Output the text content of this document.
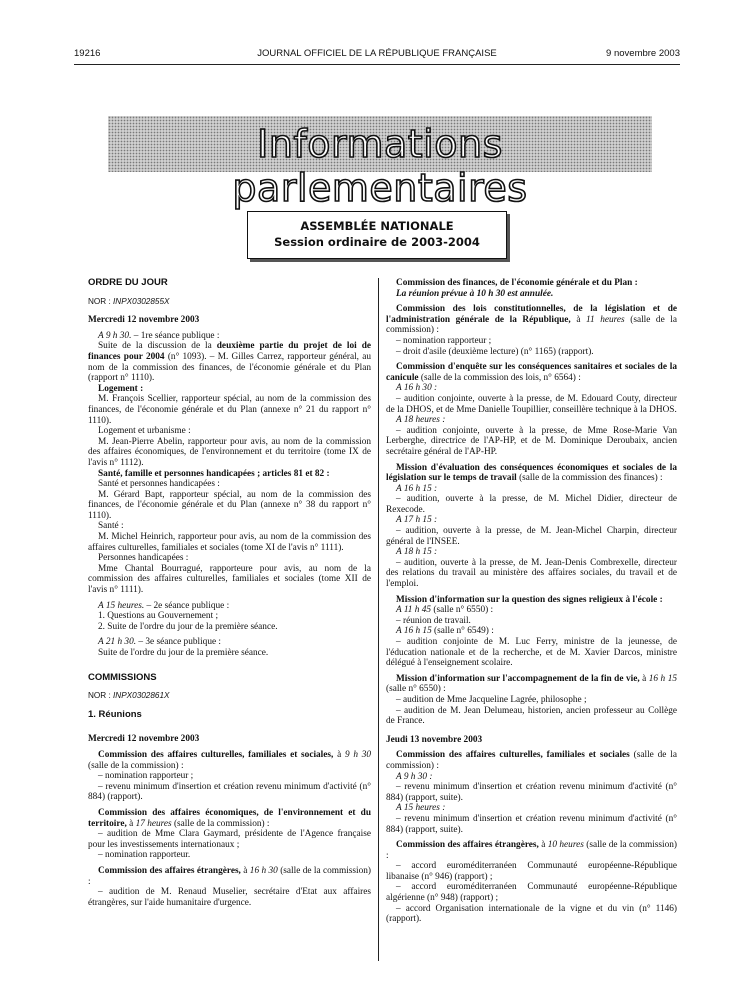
19216	JOURNAL OFFICIEL DE LA RÉPUBLIQUE FRANÇAISE	9 novembre 2003
Informations parlementaires
ASSEMBLÉE NATIONALE
Session ordinaire de 2003-2004

ORDRE DU JOUR

NOR : INPX0302855X

Mercredi 12 novembre 2003

A 9 h 30. – 1re séance publique :

Suite de la discussion de la deuxième partie du projet de loi de finances pour 2004 (n° 1093). – M. Gilles Carrez, rapporteur général, au nom de la commission des finances, de l'économie générale et du Plan (rapport n° 1110).

Logement :

M. François Scellier, rapporteur spécial, au nom de la commission des finances, de l'économie générale et du Plan (annexe n° 21 du rapport n° 1110).

Logement et urbanisme :

M. Jean-Pierre Abelin, rapporteur pour avis, au nom de la commission des affaires économiques, de l'environnement et du territoire (tome IX de l'avis n° 1112).

Santé, famille et personnes handicapées ; articles 81 et 82 :

Santé et personnes handicapées :

M. Gérard Bapt, rapporteur spécial, au nom de la commission des finances, de l'économie générale et du Plan (annexe n° 38 du rapport n° 1110).

Santé :

M. Michel Heinrich, rapporteur pour avis, au nom de la commission des affaires culturelles, familiales et sociales (tome XI de l'avis n° 1111).

Personnes handicapées :

Mme Chantal Bourragué, rapporteure pour avis, au nom de la commission des affaires culturelles, familiales et sociales (tome XII de l'avis n° 1111).

A 15 heures. – 2e séance publique :

1. Questions au Gouvernement ;

2. Suite de l'ordre du jour de la première séance.

A 21 h 30. – 3e séance publique :

Suite de l'ordre du jour de la première séance.

COMMISSIONS

NOR : INPX0302861X

1. Réunions

Mercredi 12 novembre 2003

Commission des affaires culturelles, familiales et sociales, à 9 h 30 (salle de la commission) :

– nomination rapporteur ;

– revenu minimum d'insertion et création revenu minimum d'activité (n° 884) (rapport).

Commission des affaires économiques, de l'environnement et du territoire, à 17 heures (salle de la commission) :

– audition de Mme Clara Gaymard, présidente de l'Agence française pour les investissements internationaux ;

– nomination rapporteur.

Commission des affaires étrangères, à 16 h 30 (salle de la commission) :

– audition de M. Renaud Muselier, secrétaire d'Etat aux affaires étrangères, sur l'aide humanitaire d'urgence.

Commission des finances, de l'économie générale et du Plan :

La réunion prévue à 10 h 30 est annulée.

Commission des lois constitutionnelles, de la législation et de l'administration générale de la République, à 11 heures (salle de la commission) :

– nomination rapporteur ;

– droit d'asile (deuxième lecture) (n° 1165) (rapport).

Commission d'enquête sur les conséquences sanitaires et sociales de la canicule (salle de la commission des lois, n° 6564) :

A 16 h 30 :

– audition conjointe, ouverte à la presse, de M. Edouard Couty, directeur de la DHOS, et de Mme Danielle Toupillier, conseillère technique à la DHOS.

A 18 heures :

– audition conjointe, ouverte à la presse, de Mme Rose-Marie Van Lerberghe, directrice de l'AP-HP, et de M. Dominique Deroubaix, ancien secrétaire général de l'AP-HP.

Mission d'évaluation des conséquences économiques et sociales de la législation sur le temps de travail (salle de la commission des finances) :

A 16 h 15 :

– audition, ouverte à la presse, de M. Michel Didier, directeur de Rexecode.

A 17 h 15 :

– audition, ouverte à la presse, de M. Jean-Michel Charpin, directeur général de l'INSEE.

A 18 h 15 :

– audition, ouverte à la presse, de M. Jean-Denis Combrexelle, directeur des relations du travail au ministère des affaires sociales, du travail et de l'emploi.

Mission d'information sur la question des signes religieux à l'école :

A 11 h 45 (salle n° 6550) :

– réunion de travail.

A 16 h 15 (salle n° 6549) :

– audition conjointe de M. Luc Ferry, ministre de la jeunesse, de l'éducation nationale et de la recherche, et de M. Xavier Darcos, ministre délégué à l'enseignement scolaire.

Mission d'information sur l'accompagnement de la fin de vie, à 16 h 15 (salle n° 6550) :

– audition de Mme Jacqueline Lagrée, philosophe ;

– audition de M. Jean Delumeau, historien, ancien professeur au Collège de France.

Jeudi 13 novembre 2003

Commission des affaires culturelles, familiales et sociales (salle de la commission) :

A 9 h 30 :

– revenu minimum d'insertion et création revenu minimum d'activité (n° 884) (rapport, suite).

A 15 heures :

– revenu minimum d'insertion et création revenu minimum d'activité (n° 884) (rapport, suite).

Commission des affaires étrangères, à 10 heures (salle de la commission) :

– accord euroméditerranéen Communauté européenne-République libanaise (n° 946) (rapport) ;

– accord euroméditerranéen Communauté européenne-République algérienne (n° 948) (rapport) ;

– accord Organisation internationale de la vigne et du vin (n° 1146) (rapport).
